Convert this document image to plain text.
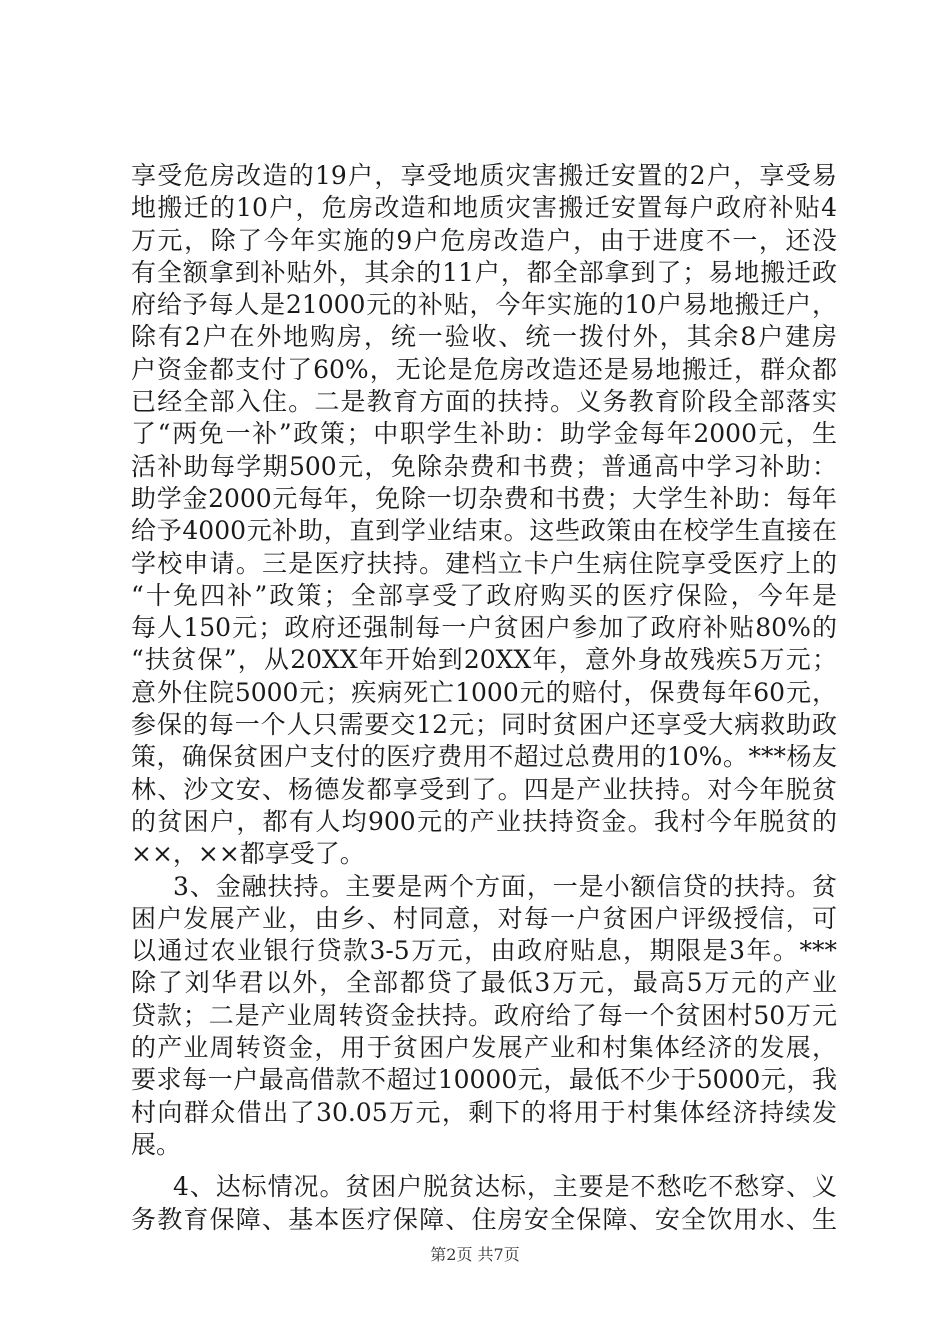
享受危房改造的19户，享受地质灾害搬迁安置的2户，享受易
地搬迁的10户，危房改造和地质灾害搬迁安置每户政府补贴4
万元，除了今年实施的9户危房改造户，由于进度不一，还没
有全额拿到补贴外，其余的11户，都全部拿到了；易地搬迁政
府给予每人是21000元的补贴，今年实施的10户易地搬迁户，
除有2户在外地购房，统一验收、统一拨付外，其余8户建房
户资金都支付了60%，无论是危房改造还是易地搬迁，群众都
已经全部入住。二是教育方面的扶持。义务教育阶段全部落实
了“两免一补”政策；中职学生补助：助学金每年2000元，生
活补助每学期500元，免除杂费和书费；普通高中学习补助：
助学金2000元每年，免除一切杂费和书费；大学生补助：每年
给予4000元补助，直到学业结束。这些政策由在校学生直接在
学校申请。三是医疗扶持。建档立卡户生病住院享受医疗上的
“十免四补”政策；全部享受了政府购买的医疗保险，今年是
每人150元；政府还强制每一户贫困户参加了政府补贴80%的
“扶贫保”，从20XX年开始到20XX年，意外身故残疾5万元；
意外住院5000元；疾病死亡1000元的赔付，保费每年60元，
参保的每一个人只需要交12元；同时贫困户还享受大病救助政
策，确保贫困户支付的医疗费用不超过总费用的10%。***杨友
林、沙文安、杨德发都享受到了。四是产业扶持。对今年脱贫
的贫困户，都有人均900元的产业扶持资金。我村今年脱贫的
××，××都享受了。
3、金融扶持。主要是两个方面，一是小额信贷的扶持。贫
困户发展产业，由乡、村同意，对每一户贫困户评级授信，可
以通过农业银行贷款3-5万元，由政府贴息，期限是3年。***
除了刘华君以外，全部都贷了最低3万元，最高5万元的产业
贷款；二是产业周转资金扶持。政府给了每一个贫困村50万元
的产业周转资金，用于贫困户发展产业和村集体经济的发展，
要求每一户最高借款不超过10000元，最低不少于5000元，我
村向群众借出了30.05万元，剩下的将用于村集体经济持续发
展。
4、达标情况。贫困户脱贫达标，主要是不愁吃不愁穿、义
务教育保障、基本医疗保障、住房安全保障、安全饮用水、生
第2页 共7页
